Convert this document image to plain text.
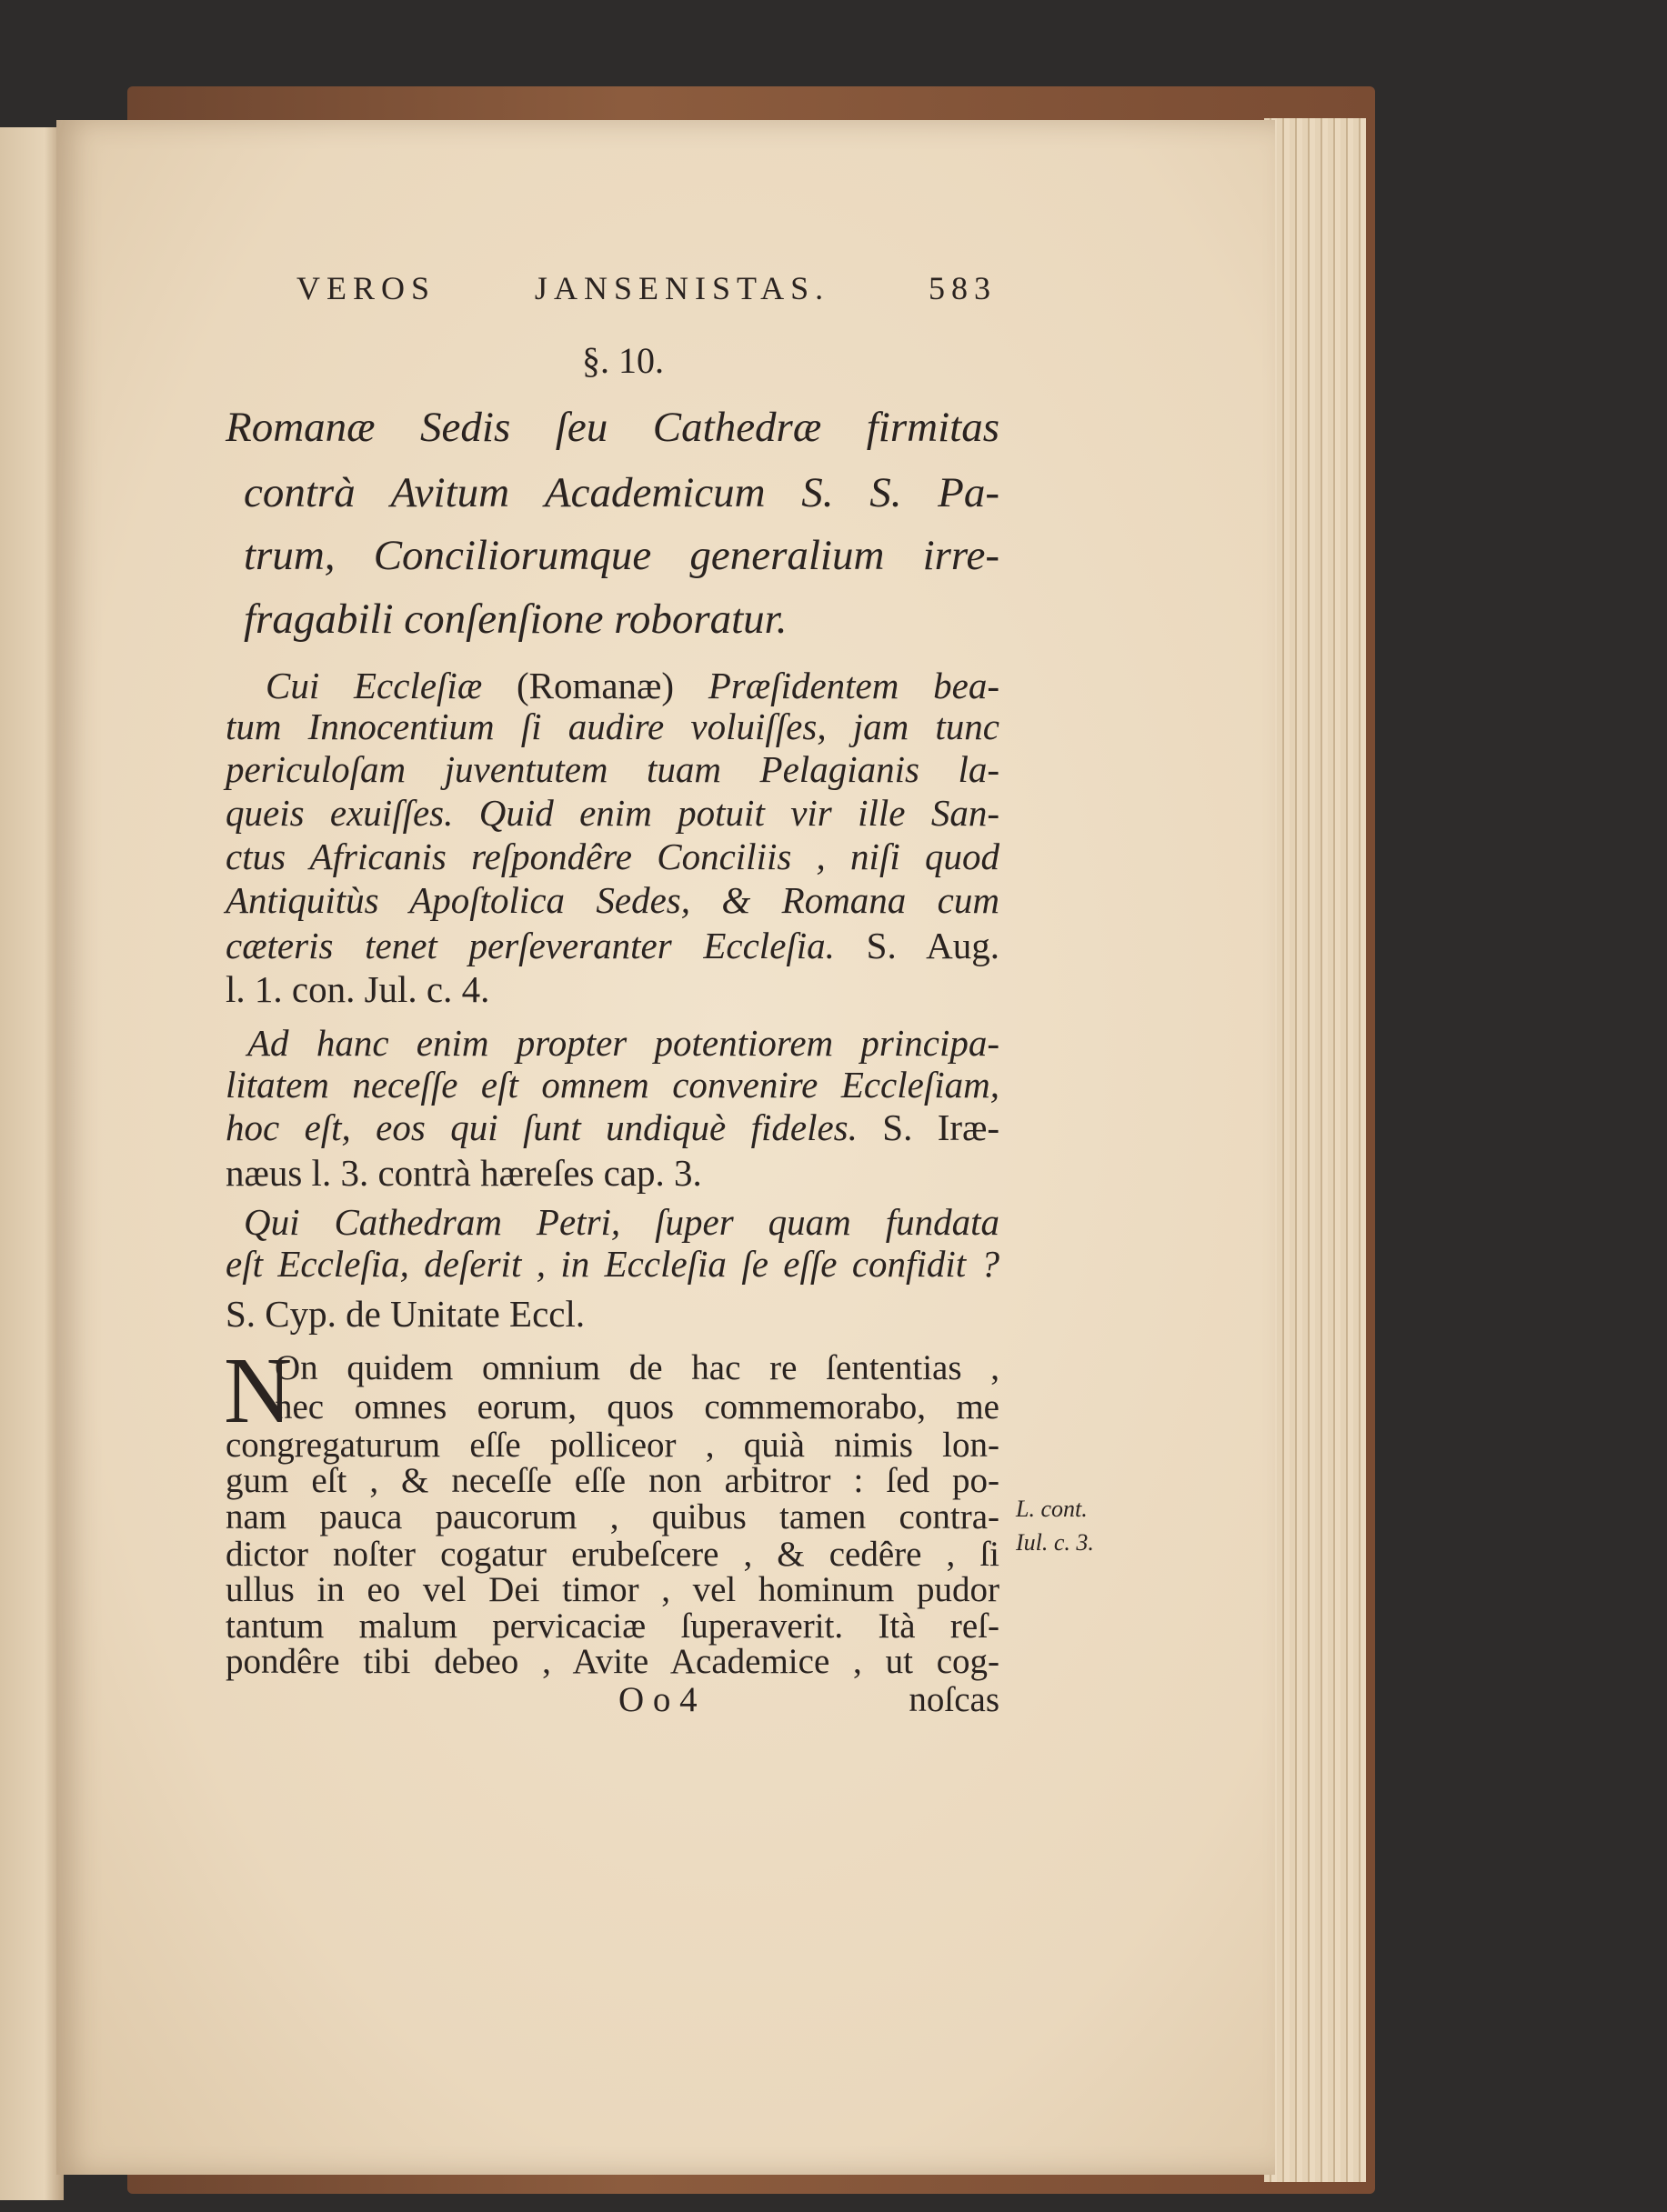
VEROS JANSENISTAS.	583
§. 10.
Romanæ Sedis ſeu Cathedræ firmitas
contrà Avitum Academicum S. S. Pa-
trum, Conciliorumque generalium irre-
fragabili conſenſione roboratur.
Cui Eccleſiæ (Romanæ) Præſidentem bea-
tum Innocentium ſi audire voluiſſes, jam tunc
periculoſam juventutem tuam Pelagianis la-
queis exuiſſes. Quid enim potuit vir ille San-
ctus Africanis reſpondêre Conciliis , niſi quod
Antiquitùs Apoſtolica Sedes, & Romana cum
cæteris tenet perſeveranter Eccleſia. S. Aug.
l. 1. con. Jul. c. 4.
Ad hanc enim propter potentiorem principa-
litatem neceſſe eſt omnem convenire Eccleſiam,
hoc eſt, eos qui ſunt undiquè fideles. S. Iræ-
næus l. 3. contrà hæreſes cap. 3.
Qui Cathedram Petri, ſuper quam fundata
eſt Eccleſia, deſerit , in Eccleſia ſe eſſe confidit ?
S. Cyp. de Unitate Eccl.
N
On quidem omnium de hac re ſententias ,
nec omnes eorum, quos commemorabo, me
congregaturum eſſe polliceor , quià nimis lon-
gum eſt , & neceſſe eſſe non arbitror : ſed po-
nam pauca paucorum , quibus tamen contra-
dictor noſter cogatur erubeſcere , & cedêre , ſi
ullus in eo vel Dei timor , vel hominum pudor
tantum malum pervicaciæ ſuperaverit. Ità reſ-
pondêre tibi debeo , Avite Academice , ut cog-
O o 4	noſcas
L. cont.
Iul. c. 3.
